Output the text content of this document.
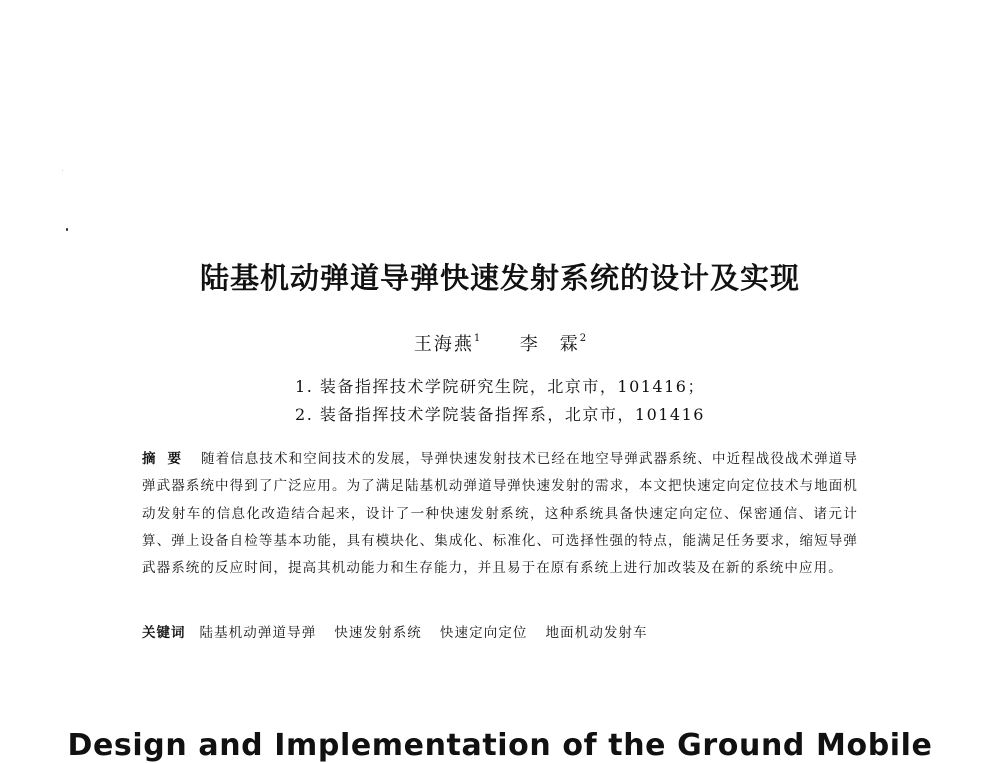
陆基机动弹道导弹快速发射系统的设计及实现
王海燕$^1$ 李　霖$^2$
1. 装备指挥技术学院研究生院，北京市，101416；
2. 装备指挥技术学院装备指挥系，北京市，101416

摘要 随着信息技术和空间技术的发展，导弹快速发射技术已经在地空导弹武器系统、中近程战役战术弹道导弹武器系统中得到了广泛应用。为了满足陆基机动弹道导弹快速发射的需求，本文把快速定向定位技术与地面机动发射车的信息化改造结合起来，设计了一种快速发射系统，这种系统具备快速定向定位、保密通信、诸元计算、弹上设备自检等基本功能，具有模块化、集成化、标准化、可选择性强的特点，能满足任务要求，缩短导弹武器系统的反应时间，提高其机动能力和生存能力，并且易于在原有系统上进行加改装及在新的系统中应用。

关键词 陆基机动弹道导弹 快速发射系统 快速定向定位 地面机动发射车

Design and Implementation of the Ground Mobile
